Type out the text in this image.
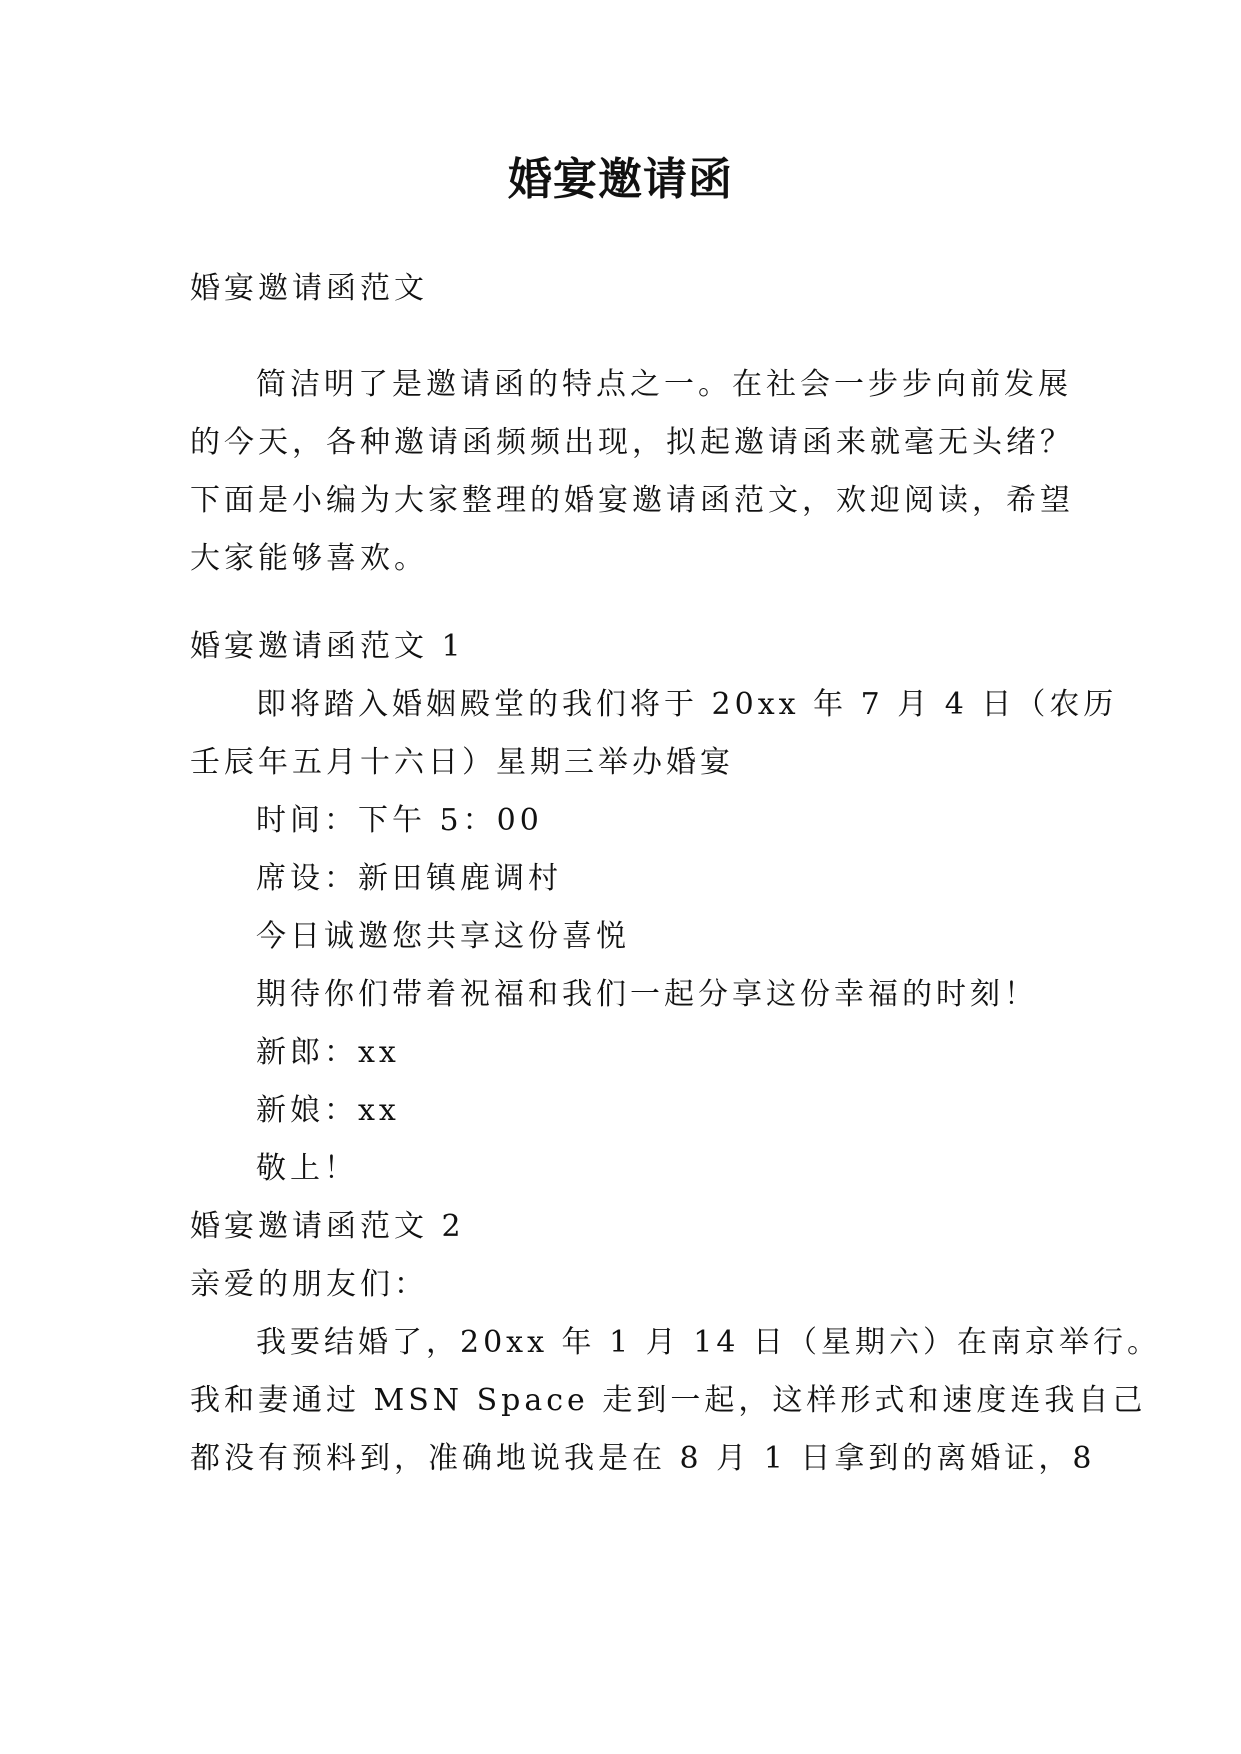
婚宴邀请函
婚宴邀请函范文
简洁明了是邀请函的特点之一。在社会一步步向前发展
的今天，各种邀请函频频出现，拟起邀请函来就毫无头绪？
下面是小编为大家整理的婚宴邀请函范文，欢迎阅读，希望
大家能够喜欢。
婚宴邀请函范文 1
即将踏入婚姻殿堂的我们将于 20xx 年 7 月 4 日（农历
壬辰年五月十六日）星期三举办婚宴
时间：下午 5：00
席设：新田镇鹿调村
今日诚邀您共享这份喜悦
期待你们带着祝福和我们一起分享这份幸福的时刻！
新郎：xx
新娘：xx
敬上！
婚宴邀请函范文 2
亲爱的朋友们：
我要结婚了，20xx 年 1 月 14 日（星期六）在南京举行。
我和妻通过 MSN Space 走到一起，这样形式和速度连我自己
都没有预料到，准确地说我是在 8 月 1 日拿到的离婚证，8
